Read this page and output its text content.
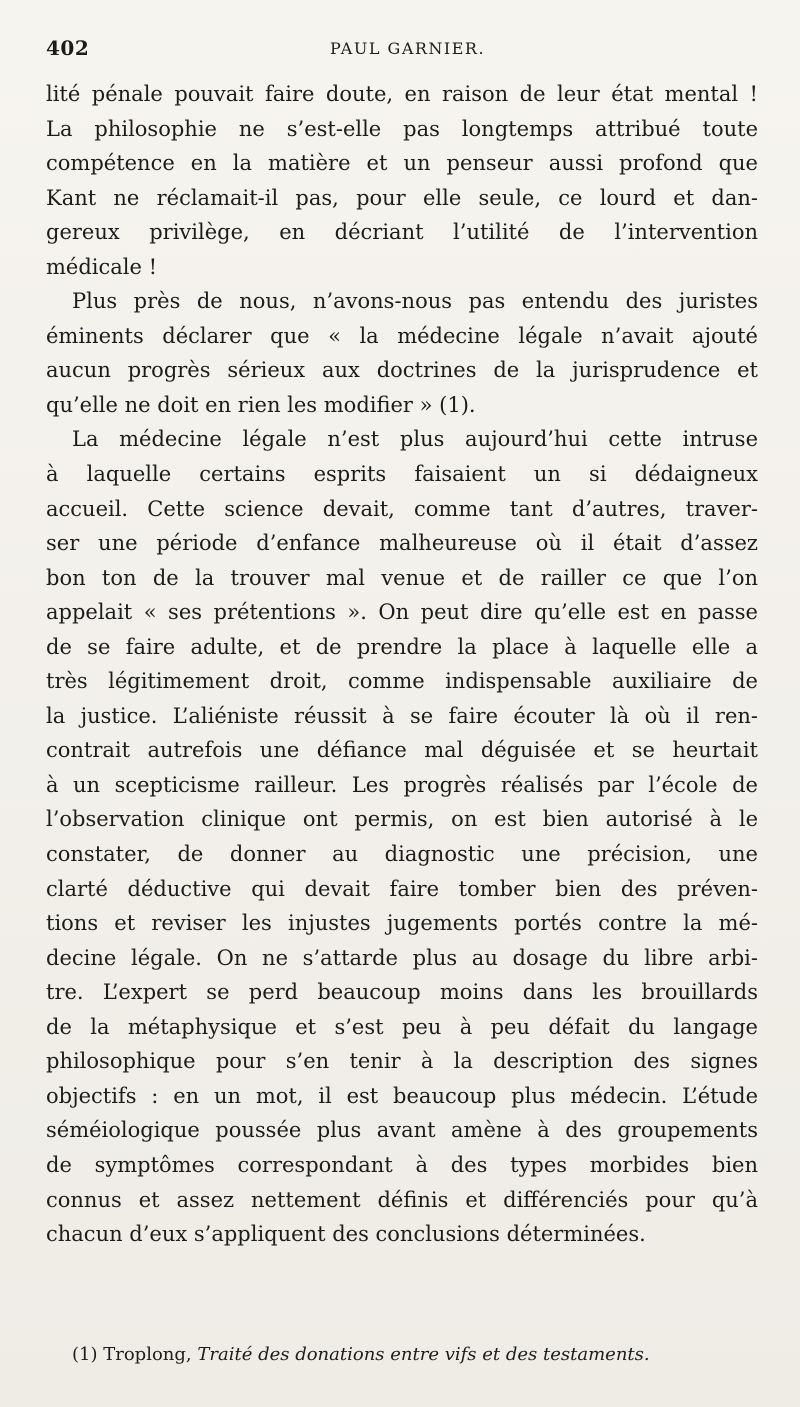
402	PAUL GARNIER.
lité pénale pouvait faire doute, en raison de leur état mental !
La philosophie ne s’est-elle pas longtemps attribué toute
compétence en la matière et un penseur aussi profond que
Kant ne réclamait-il pas, pour elle seule, ce lourd et dan-
gereux privilège, en décriant l’utilité de l’intervention
médicale !
Plus près de nous, n’avons-nous pas entendu des juristes
éminents déclarer que « la médecine légale n’avait ajouté
aucun progrès sérieux aux doctrines de la jurisprudence et
qu’elle ne doit en rien les modifier » (1).
La médecine légale n’est plus aujourd’hui cette intruse
à laquelle certains esprits faisaient un si dédaigneux
accueil. Cette science devait, comme tant d’autres, traver-
ser une période d’enfance malheureuse où il était d’assez
bon ton de la trouver mal venue et de railler ce que l’on
appelait « ses prétentions ». On peut dire qu’elle est en passe
de se faire adulte, et de prendre la place à laquelle elle a
très légitimement droit, comme indispensable auxiliaire de
la justice. L’aliéniste réussit à se faire écouter là où il ren-
contrait autrefois une défiance mal déguisée et se heurtait
à un scepticisme railleur. Les progrès réalisés par l’école de
l’observation clinique ont permis, on est bien autorisé à le
constater, de donner au diagnostic une précision, une
clarté déductive qui devait faire tomber bien des préven-
tions et reviser les injustes jugements portés contre la mé-
decine légale. On ne s’attarde plus au dosage du libre arbi-
tre. L’expert se perd beaucoup moins dans les brouillards
de la métaphysique et s’est peu à peu défait du langage
philosophique pour s’en tenir à la description des signes
objectifs : en un mot, il est beaucoup plus médecin. L’étude
séméiologique poussée plus avant amène à des groupements
de symptômes correspondant à des types morbides bien
connus et assez nettement définis et différenciés pour qu’à
chacun d’eux s’appliquent des conclusions déterminées.
(1) Troplong, Traité des donations entre vifs et des testaments.
